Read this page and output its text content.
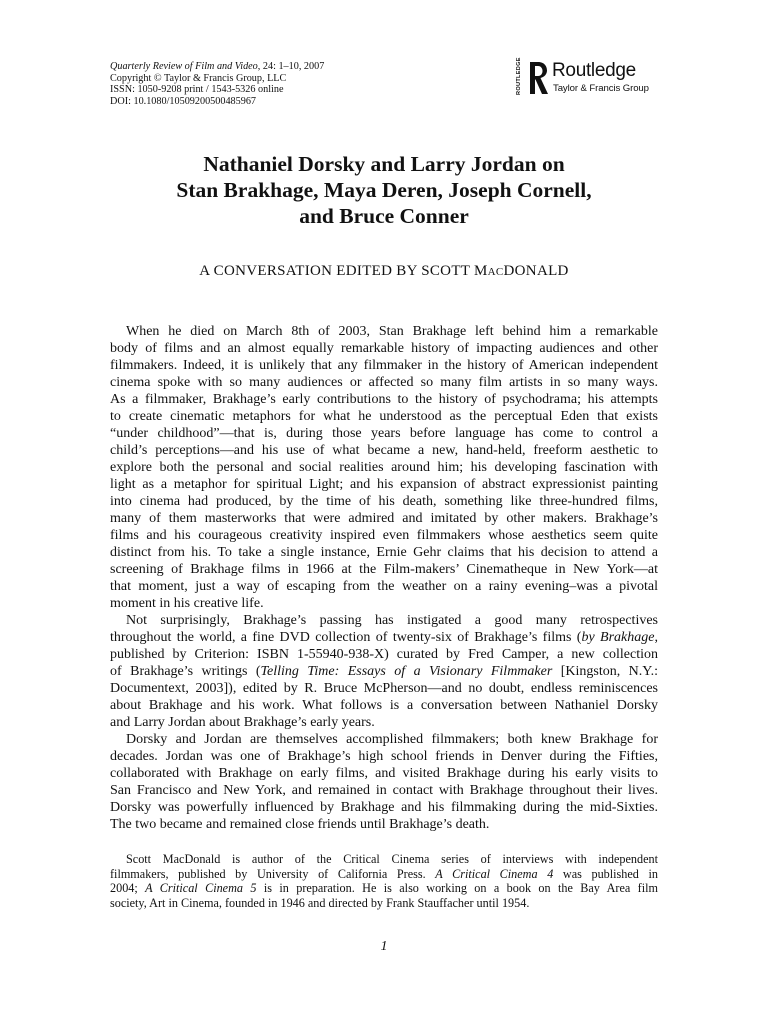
Quarterly Review of Film and Video, 24: 1–10, 2007
Copyright © Taylor & Francis Group, LLC
ISSN: 1050-9208 print / 1543-5326 online
DOI: 10.1080/10509200500485967
ROUTLEDGE Routledge
Taylor & Francis Group
Nathaniel Dorsky and Larry Jordan on
Stan Brakhage, Maya Deren, Joseph Cornell,
and Bruce Conner
A CONVERSATION EDITED BY SCOTT MACDONALD
When he died on March 8th of 2003, Stan Brakhage left behind him a remarkable
body of films and an almost equally remarkable history of impacting audiences and other
filmmakers. Indeed, it is unlikely that any filmmaker in the history of American independent
cinema spoke with so many audiences or affected so many film artists in so many ways.
As a filmmaker, Brakhage’s early contributions to the history of psychodrama; his attempts
to create cinematic metaphors for what he understood as the perceptual Eden that exists
“under childhood”—that is, during those years before language has come to control a
child’s perceptions—and his use of what became a new, hand-held, freeform aesthetic to
explore both the personal and social realities around him; his developing fascination with
light as a metaphor for spiritual Light; and his expansion of abstract expressionist painting
into cinema had produced, by the time of his death, something like three-hundred films,
many of them masterworks that were admired and imitated by other makers. Brakhage’s
films and his courageous creativity inspired even filmmakers whose aesthetics seem quite
distinct from his. To take a single instance, Ernie Gehr claims that his decision to attend a
screening of Brakhage films in 1966 at the Film-makers’ Cinematheque in New York—at
that moment, just a way of escaping from the weather on a rainy evening–was a pivotal
moment in his creative life.
Not surprisingly, Brakhage’s passing has instigated a good many retrospectives
throughout the world, a fine DVD collection of twenty-six of Brakhage’s films (by Brakhage,
published by Criterion: ISBN 1-55940-938-X) curated by Fred Camper, a new collection
of Brakhage’s writings (Telling Time: Essays of a Visionary Filmmaker [Kingston, N.Y.:
Documentext, 2003]), edited by R. Bruce McPherson—and no doubt, endless reminiscences
about Brakhage and his work. What follows is a conversation between Nathaniel Dorsky
and Larry Jordan about Brakhage’s early years.
Dorsky and Jordan are themselves accomplished filmmakers; both knew Brakhage for
decades. Jordan was one of Brakhage’s high school friends in Denver during the Fifties,
collaborated with Brakhage on early films, and visited Brakhage during his early visits to
San Francisco and New York, and remained in contact with Brakhage throughout their lives.
Dorsky was powerfully influenced by Brakhage and his filmmaking during the mid-Sixties.
The two became and remained close friends until Brakhage’s death.
Scott MacDonald is author of the Critical Cinema series of interviews with independent
filmmakers, published by University of California Press. A Critical Cinema 4 was published in
2004; A Critical Cinema 5 is in preparation. He is also working on a book on the Bay Area film
society, Art in Cinema, founded in 1946 and directed by Frank Stauffacher until 1954.
1
